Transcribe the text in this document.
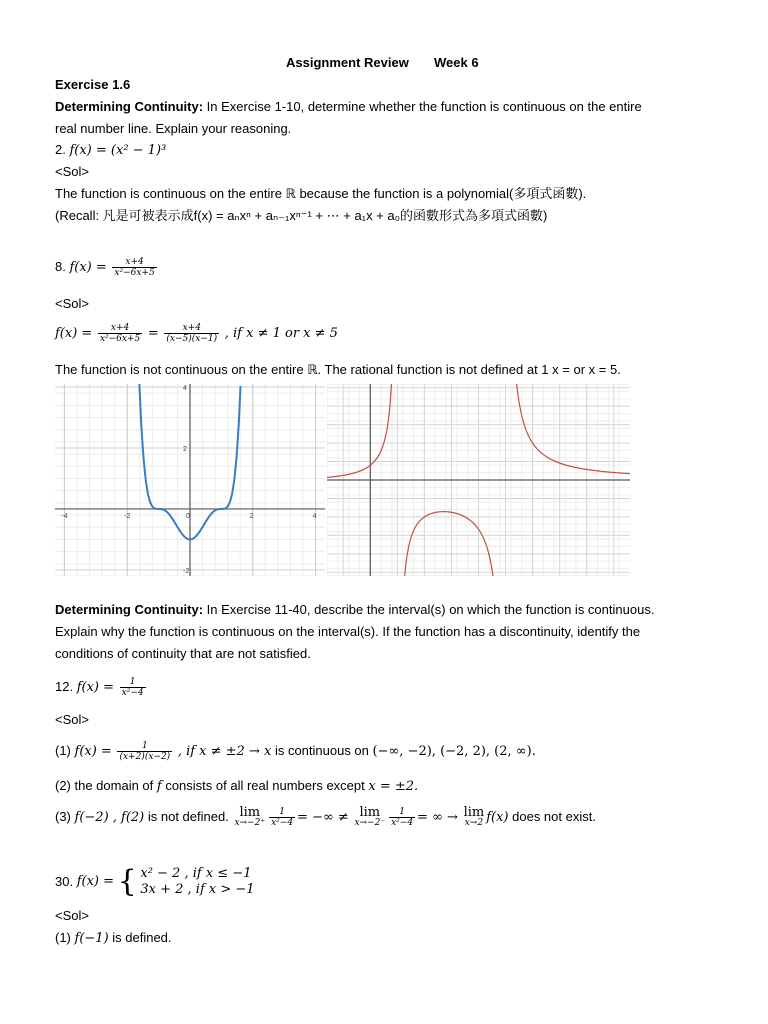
Assignment Review Week 6
Exercise 1.6
Determining Continuity: In Exercise 1-10, determine whether the function is continuous on the entire
real number line. Explain your reasoning.
2. f(x) = (x² − 1)³
<Sol>
The function is continuous on the entire ℝ because the function is a polynomial(多項式函數).
(Recall: 凡是可被表示成f(x) = aₙxⁿ + aₙ₋₁xⁿ⁻¹ + ⋯ + a₁x + a₀的函數形式為多項式函數)
8. $f(x) = \frac{x+4}{\text{x²−6x+5}}$
<Sol>
$f(x) = \frac{x+4}{\text{x²−6x+5}} = \frac{x+4}{(x-5)(x-1)}$ , if x ≠ 1 or x ≠ 5
The function is not continuous on the entire ℝ. The rational function is not defined at 1 x = or x = 5.
-4	-2	0	2	4
4
2
-2
Determining Continuity: In Exercise 11-40, describe the interval(s) on which the function is continuous.
Explain why the function is continuous on the interval(s). If the function has a discontinuity, identify the
conditions of continuity that are not satisfied.
12. $f(x) = \frac{1}{\text{x²−4}}$
<Sol>
(1) $f(x) = \frac{1}{(x+2)(x-2)}$ , if x ≠ ±2 → x is continuous on (−∞, −2), (−2, 2), (2, ∞).
(2) the domain of f consists of all real numbers except x = ±2.
(3) f(−2) , f(2) is not defined. lim
$x\to-2^+ \frac{1}{\text{x²−4}}$ = −∞ ≠ lim
$x\to-2^- \frac{1}{\text{x²−4}}$ = ∞ → lim
x→2 f(x) does not exist.
30. f(x) = { x² − 2 , if x ≤ −1
3x + 2 , if x > −1
<Sol>
(1) f(−1) is defined.
